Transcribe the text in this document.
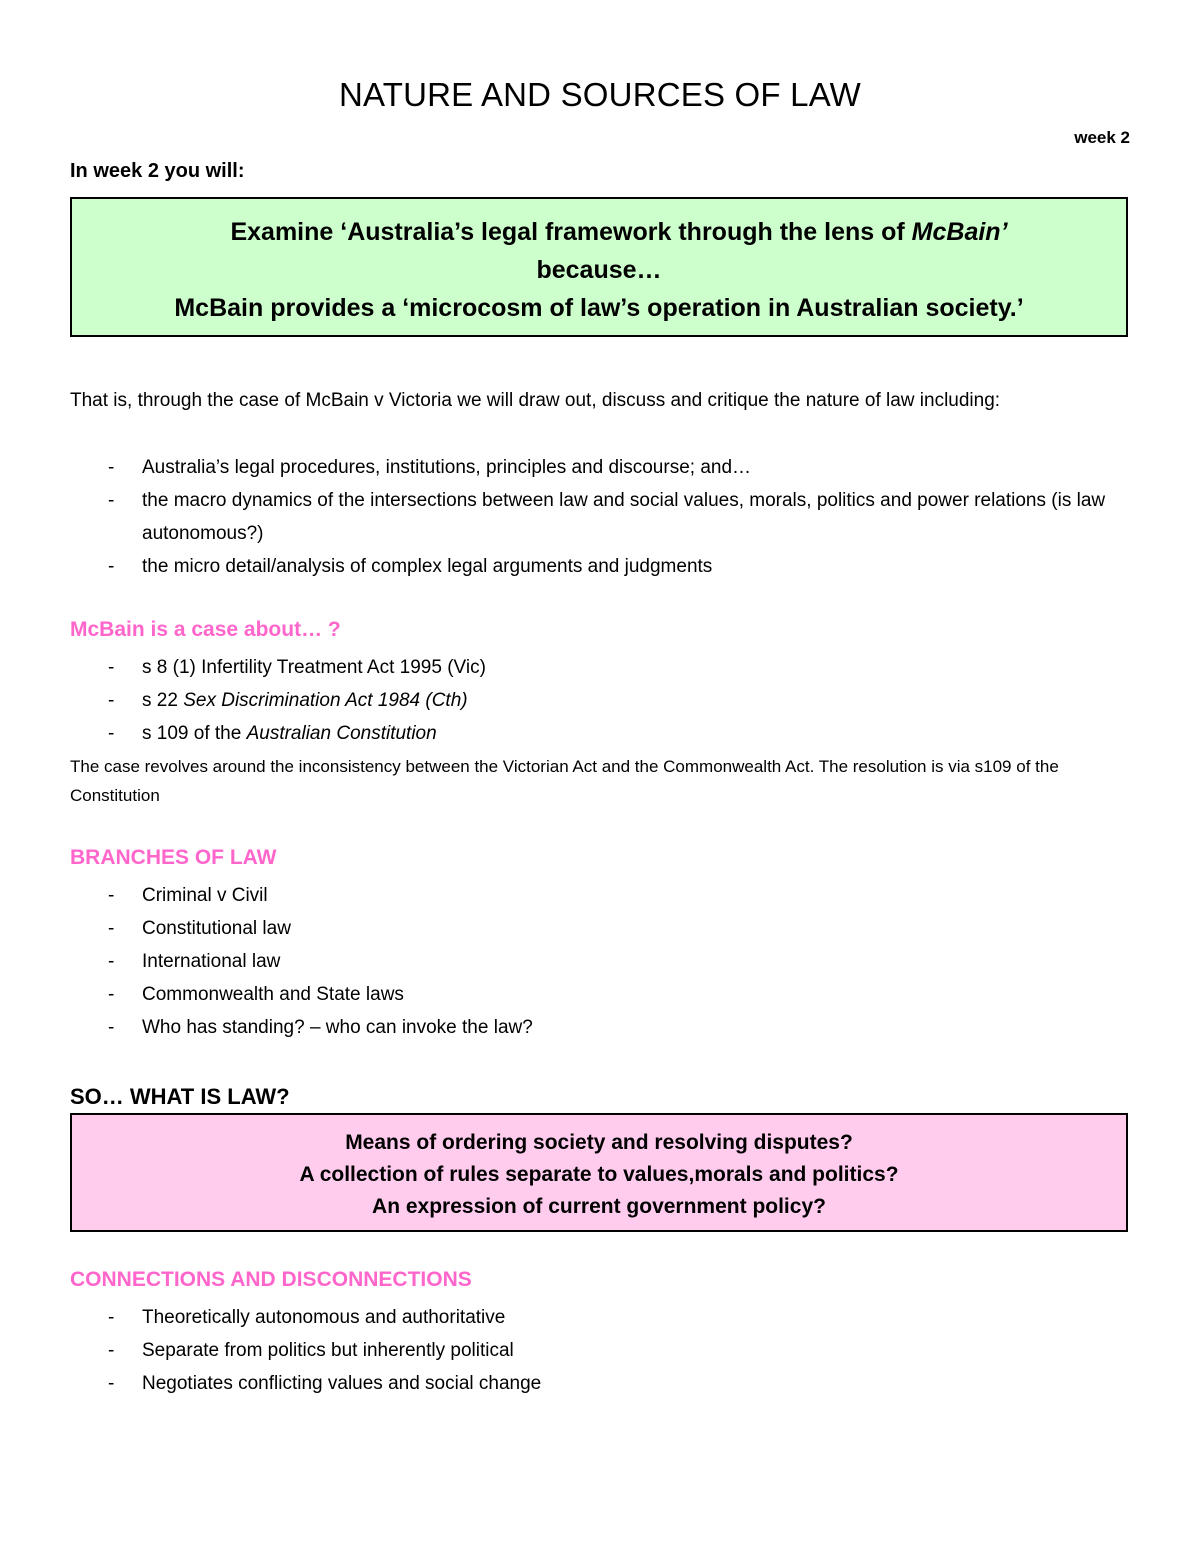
NATURE AND SOURCES OF LAW
week 2
In week 2 you will:
Examine ‘Australia’s legal framework through the lens of McBain’
because…
McBain provides a ‘microcosm of law’s operation in Australian society.’
That is, through the case of McBain v Victoria we will draw out, discuss and critique the nature of law including:
- Australia’s legal procedures, institutions, principles and discourse; and…
- the macro dynamics of the intersections between law and social values, morals, politics and power relations (is law autonomous?)
- the micro detail/analysis of complex legal arguments and judgments
McBain is a case about… ?
- s 8 (1) Infertility Treatment Act 1995 (Vic)
- s 22 Sex Discrimination Act 1984 (Cth)
- s 109 of the Australian Constitution
The case revolves around the inconsistency between the Victorian Act and the Commonwealth Act. The resolution is via s109 of the Constitution
BRANCHES OF LAW
- Criminal v Civil
- Constitutional law
- International law
- Commonwealth and State laws
- Who has standing? – who can invoke the law?
SO… WHAT IS LAW?
Means of ordering society and resolving disputes?
A collection of rules separate to values,morals and politics?
An expression of current government policy?
CONNECTIONS AND DISCONNECTIONS
- Theoretically autonomous and authoritative
- Separate from politics but inherently political
- Negotiates conflicting values and social change
